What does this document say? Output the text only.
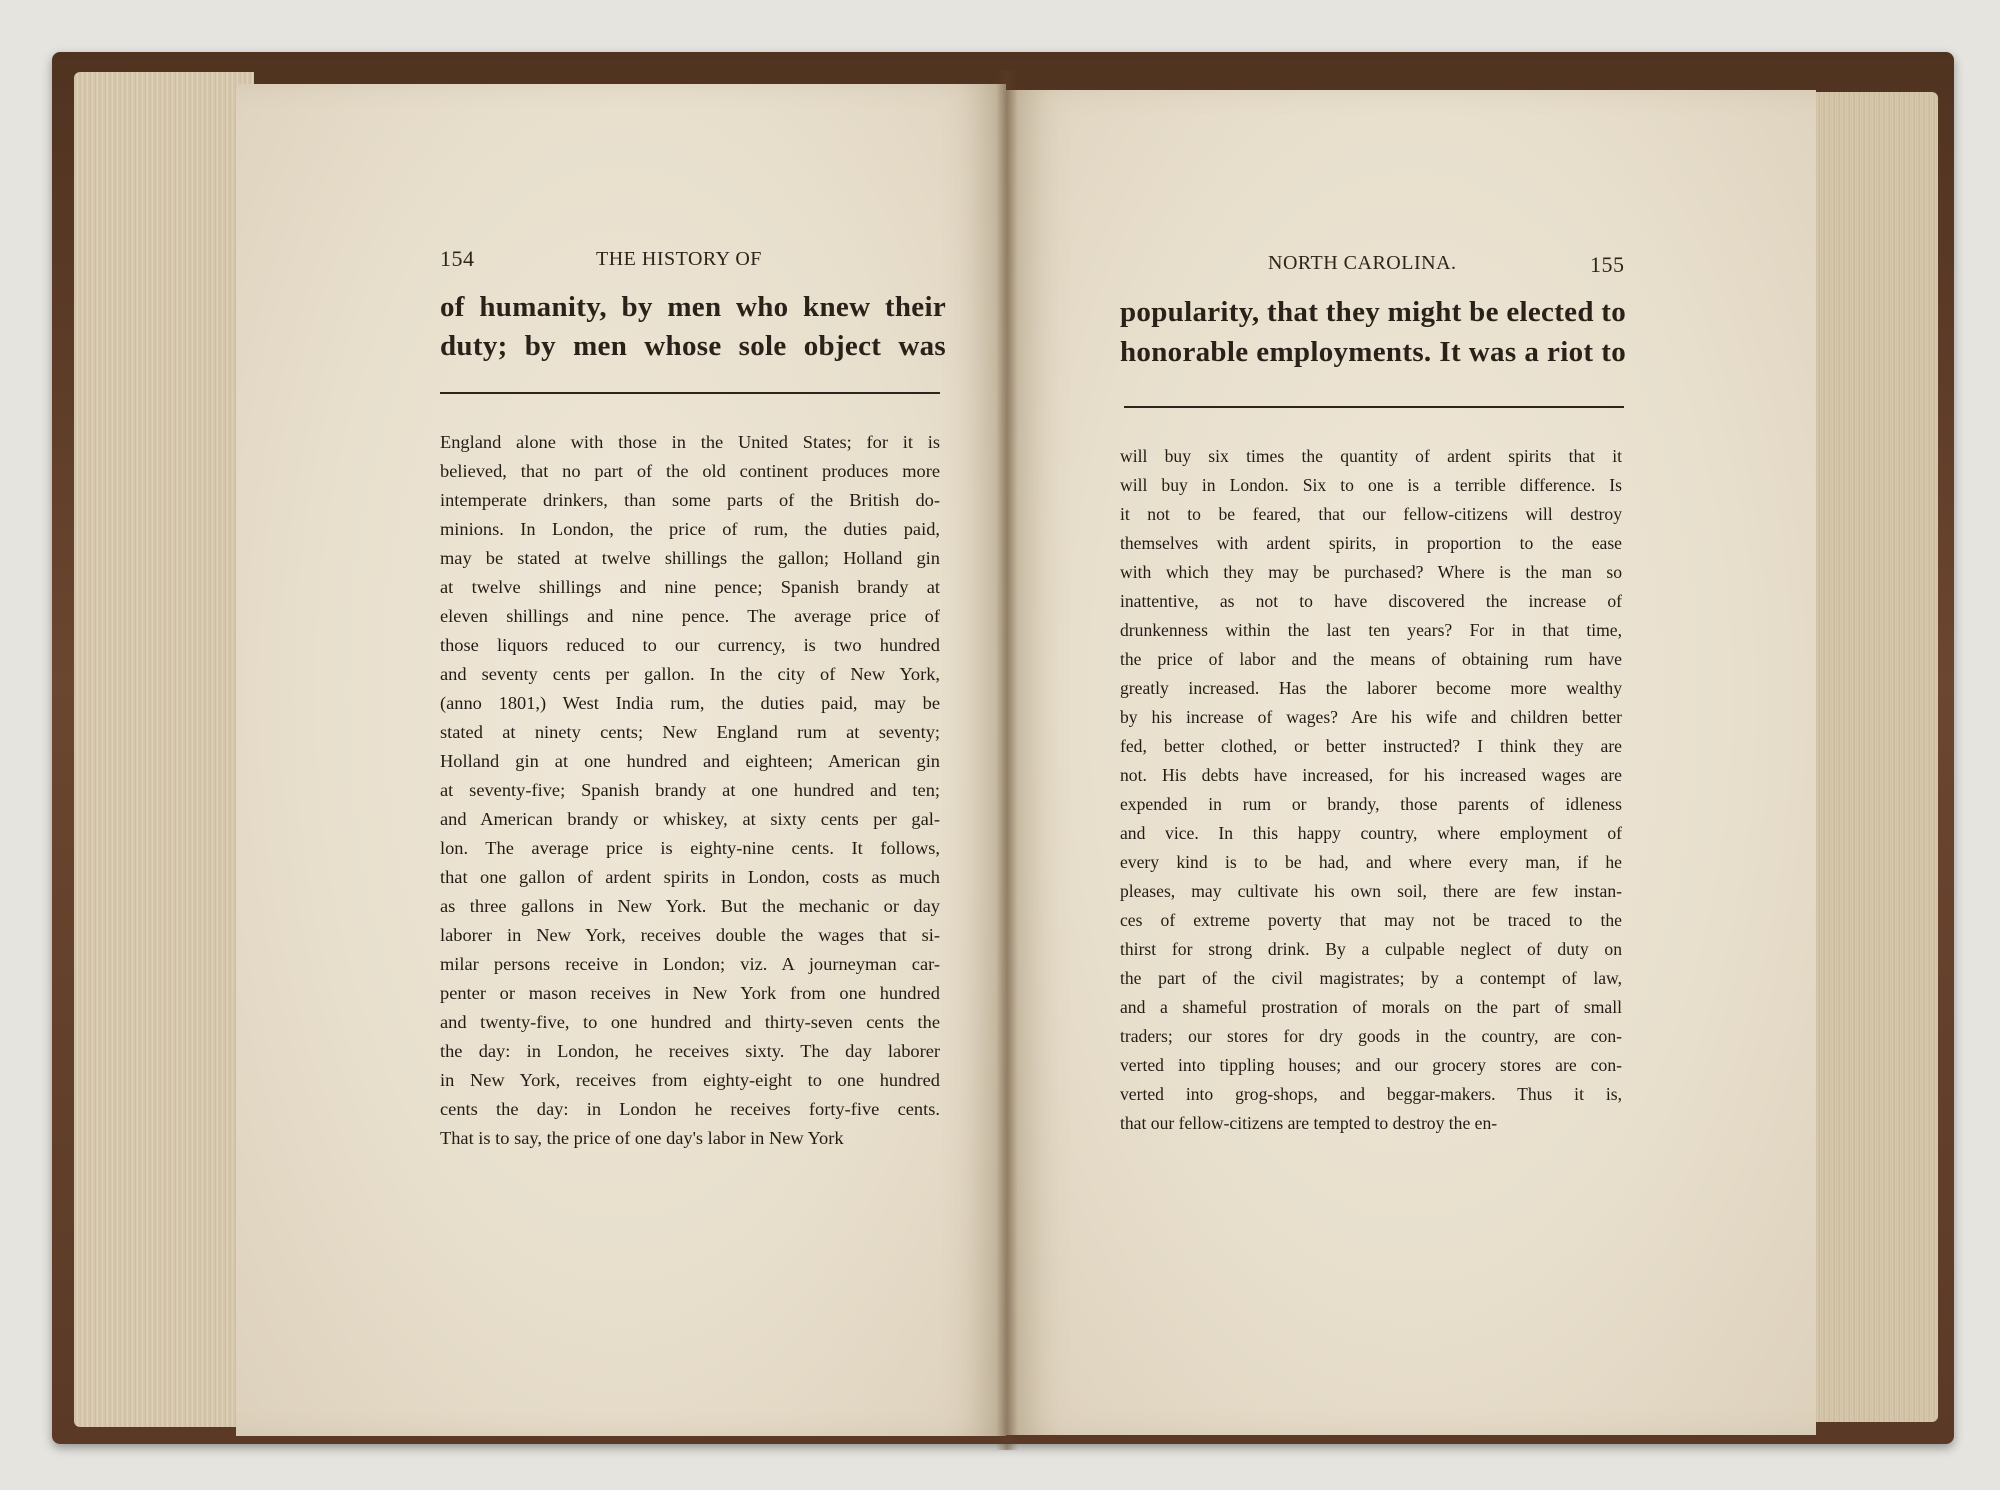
154	THE HISTORY OF
of humanity, by men who knew their
duty; by men whose sole object was
England alone with those in the United States; for it is
believed, that no part of the old continent produces more
intemperate drinkers, than some parts of the British do-
minions. In London, the price of rum, the duties paid,
may be stated at twelve shillings the gallon; Holland gin
at twelve shillings and nine pence; Spanish brandy at
eleven shillings and nine pence. The average price of
those liquors reduced to our currency, is two hundred
and seventy cents per gallon. In the city of New York,
(anno 1801,) West India rum, the duties paid, may be
stated at ninety cents; New England rum at seventy;
Holland gin at one hundred and eighteen; American gin
at seventy-five; Spanish brandy at one hundred and ten;
and American brandy or whiskey, at sixty cents per gal-
lon. The average price is eighty-nine cents. It follows,
that one gallon of ardent spirits in London, costs as much
as three gallons in New York. But the mechanic or day
laborer in New York, receives double the wages that si-
milar persons receive in London; viz. A journeyman car-
penter or mason receives in New York from one hundred
and twenty-five, to one hundred and thirty-seven cents the
the day: in London, he receives sixty. The day laborer
in New York, receives from eighty-eight to one hundred
cents the day: in London he receives forty-five cents.
That is to say, the price of one day's labor in New York
NORTH CAROLINA.	155
popularity, that they might be elected to
honorable employments. It was a riot to
will buy six times the quantity of ardent spirits that it
will buy in London. Six to one is a terrible difference. Is
it not to be feared, that our fellow-citizens will destroy
themselves with ardent spirits, in proportion to the ease
with which they may be purchased? Where is the man so
inattentive, as not to have discovered the increase of
drunkenness within the last ten years? For in that time,
the price of labor and the means of obtaining rum have
greatly increased. Has the laborer become more wealthy
by his increase of wages? Are his wife and children better
fed, better clothed, or better instructed? I think they are
not. His debts have increased, for his increased wages are
expended in rum or brandy, those parents of idleness
and vice. In this happy country, where employment of
every kind is to be had, and where every man, if he
pleases, may cultivate his own soil, there are few instan-
ces of extreme poverty that may not be traced to the
thirst for strong drink. By a culpable neglect of duty on
the part of the civil magistrates; by a contempt of law,
and a shameful prostration of morals on the part of small
traders; our stores for dry goods in the country, are con-
verted into tippling houses; and our grocery stores are con-
verted into grog-shops, and beggar-makers. Thus it is,
that our fellow-citizens are tempted to destroy the en-
